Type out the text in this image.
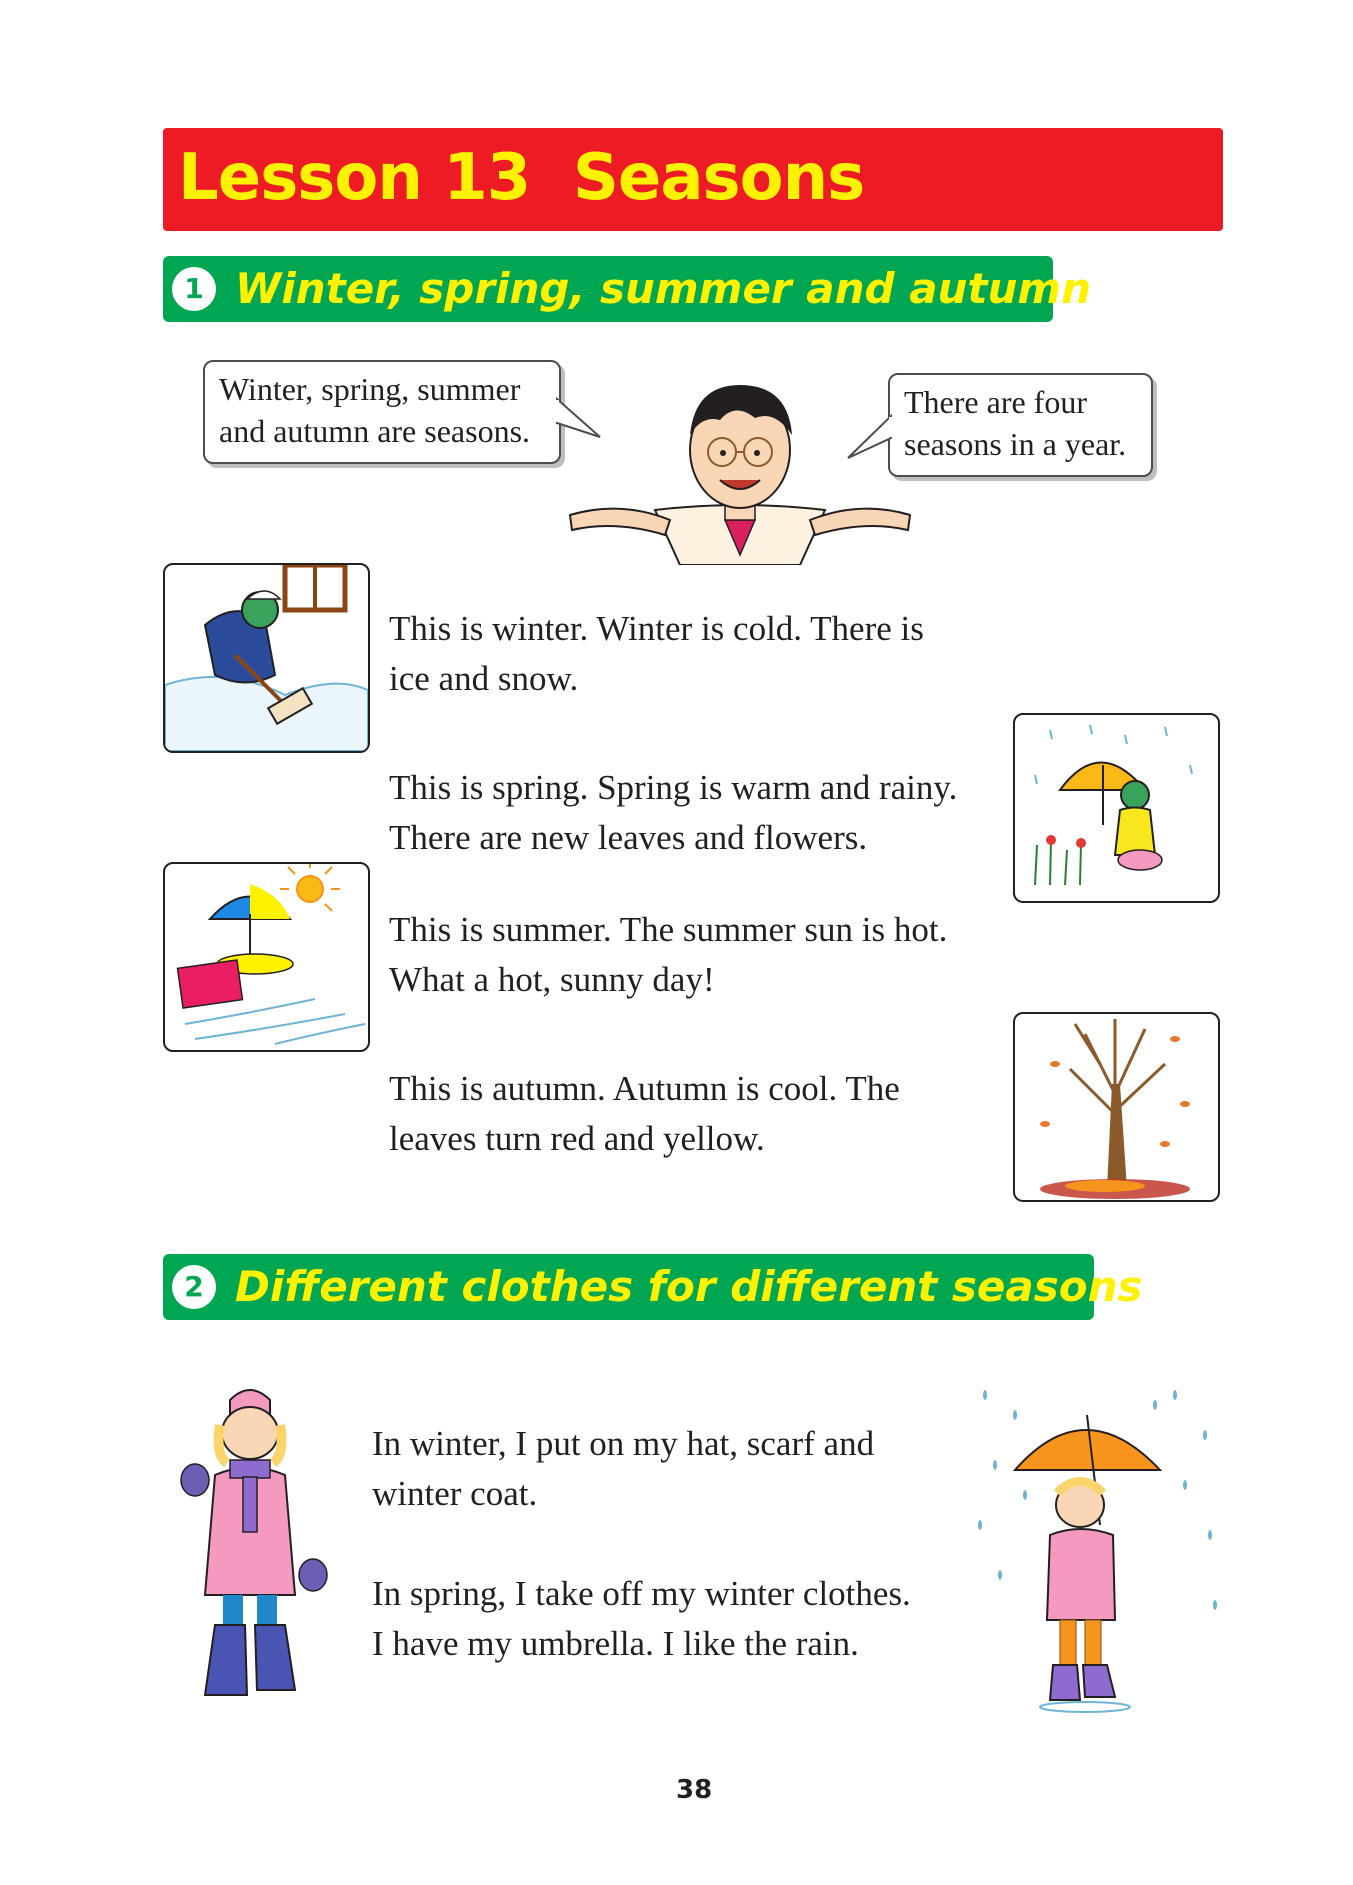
Lesson 13  Seasons
1 Winter, spring, summer and autumn
Winter, spring, summer
and autumn are seasons.
There are four
seasons in a year.
This is winter. Winter is cold. There is
ice and snow.
This is spring. Spring is warm and rainy.
There are new leaves and flowers.
This is summer. The summer sun is hot.
What a hot, sunny day!
This is autumn. Autumn is cool. The
leaves turn red and yellow.
2 Different clothes for different seasons
In winter, I put on my hat, scarf and
winter coat.
In spring, I take off my winter clothes.
I have my umbrella. I like the rain.
38
